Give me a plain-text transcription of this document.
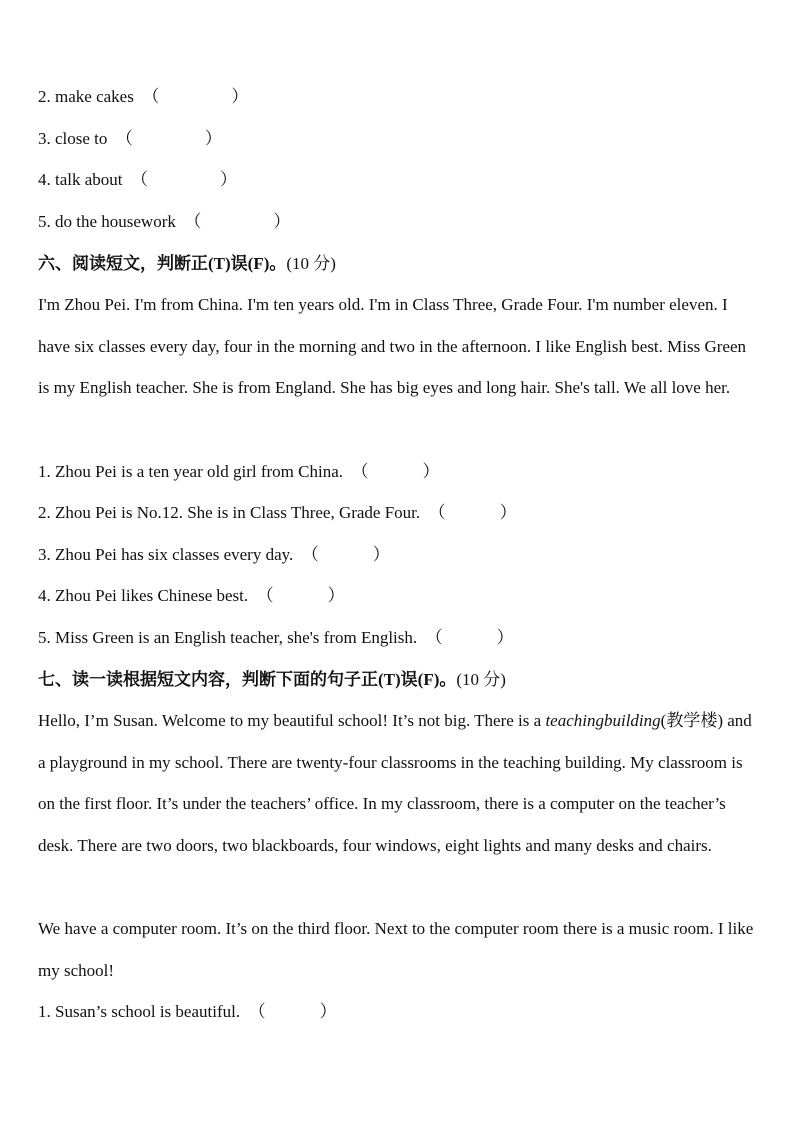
2. make cakes （	）
3. close to （	）
4. talk about （	）
5. do the housework （	）
六、阅读短文，判断正(T)误(F)。(10 分)
I'm Zhou Pei. I'm from China. I'm ten years old. I'm in Class Three, Grade Four. I'm number eleven. I have six classes every day, four in the morning and two in the afternoon. I like English best. Miss Green is my English teacher. She is from England. She has big eyes and long hair. She's tall. We all love her.
1. Zhou Pei is a ten year old girl from China. （	）
2. Zhou Pei is No.12. She is in Class Three, Grade Four. （	）
3. Zhou Pei has six classes every day. （	）
4. Zhou Pei likes Chinese best. （	）
5. Miss Green is an English teacher, she's from English. （	）
七、读一读根据短文内容，判断下面的句子正(T)误(F)。(10 分)
Hello, I’m Susan. Welcome to my beautiful school! It’s not big. There is a teachingbuilding(教学楼) and a playground in my school. There are twenty-four classrooms in the teaching building. My classroom is on the first floor. It’s under the teachers’ office. In my classroom, there is a computer on the teacher’s desk. There are two doors, two blackboards, four windows, eight lights and many desks and chairs.
We have a computer room. It’s on the third floor. Next to the computer room there is a music room. I like my school!
1. Susan’s school is beautiful. （	）
